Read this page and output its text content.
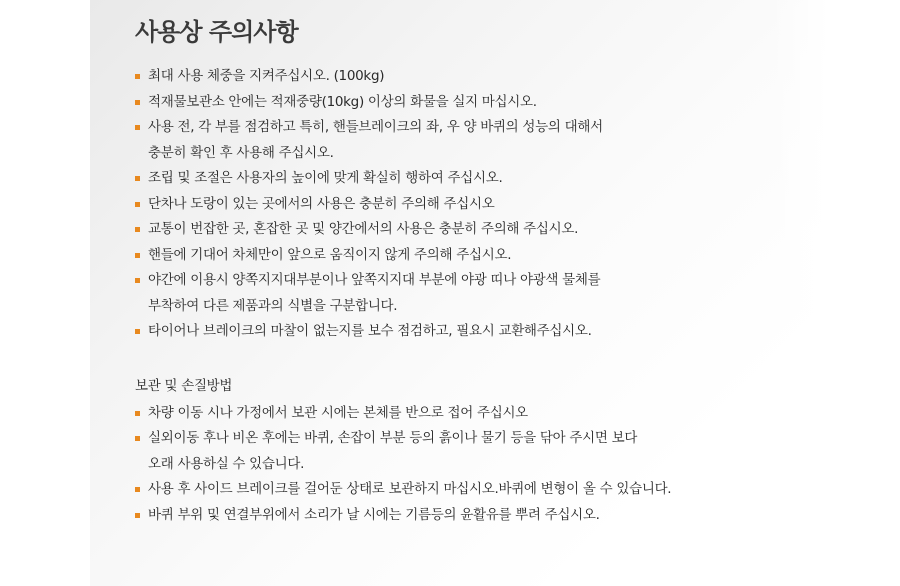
사용상 주의사항
최대 사용 체중을 지켜주십시오. (100kg)
적재물보관소 안에는 적재중량(10kg) 이상의 화물을 실지 마십시오.
사용 전, 각 부를 점검하고 특히, 핸들브레이크의 좌, 우 양 바퀴의 성능의 대해서
충분히 확인 후 사용해 주십시오.
조립 및 조절은 사용자의 높이에 맞게 확실히 행하여 주십시오.
단차나 도랑이 있는 곳에서의 사용은 충분히 주의해 주십시오
교통이 번잡한 곳, 혼잡한 곳 및 양간에서의 사용은 충분히 주의해 주십시오.
핸들에 기대어 차체만이 앞으로 움직이지 않게 주의해 주십시오.
야간에 이용시 양쪽지지대부분이나 앞쪽지지대 부분에 야광 띠나 야광색 물체를
부착하여 다른 제품과의 식별을 구분합니다.
타이어나 브레이크의 마찰이 없는지를 보수 점검하고, 필요시 교환해주십시오.
보관 및 손질방법
차량 이동 시나 가정에서 보관 시에는 본체를 반으로 접어 주십시오
실외이동 후나 비온 후에는 바퀴, 손잡이 부분 등의 흙이나 물기 등을 닦아 주시면 보다
오래 사용하실 수 있습니다.
사용 후 사이드 브레이크를 걸어둔 상태로 보관하지 마십시오.바퀴에 변형이 올 수 있습니다.
바퀴 부위 및 연결부위에서 소리가 날 시에는 기름등의 윤활유를 뿌려 주십시오.
